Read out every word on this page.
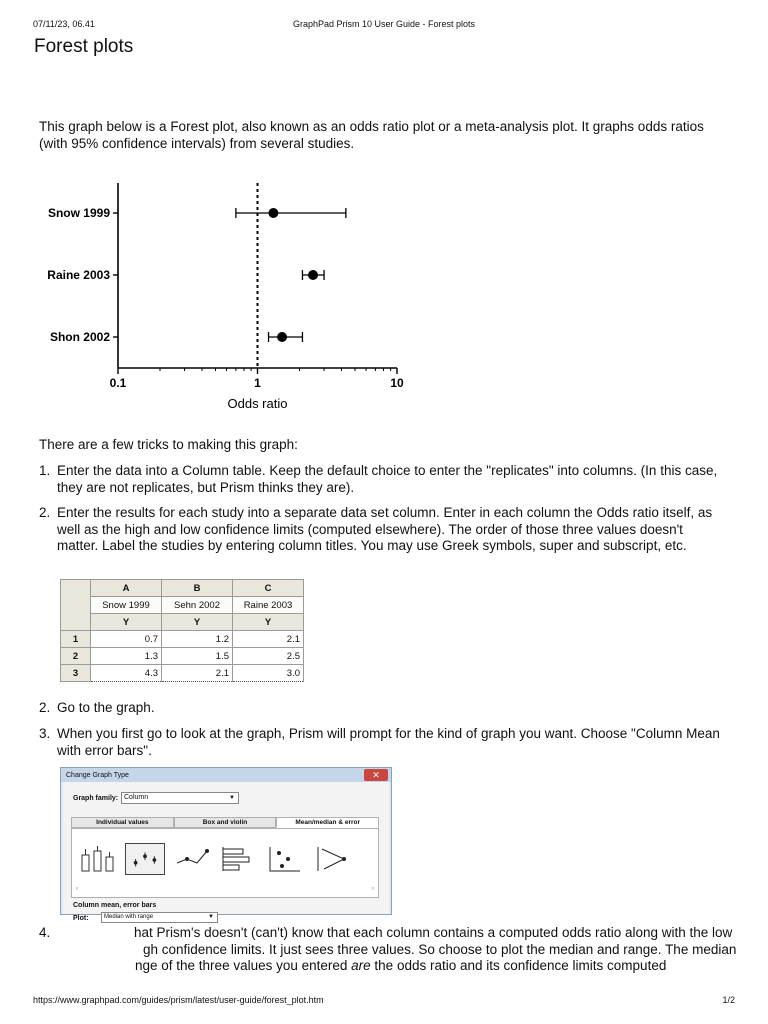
07/11/23, 06.41	GraphPad Prism 10 User Guide - Forest plots
Forest plots

This graph below is a Forest plot, also known as an odds ratio plot or a meta-analysis plot. It graphs odds ratios (with 95% confidence intervals) from several studies.

0.1	1	10
Odds ratio
Snow 1999
Raine 2003
Shon 2002

There are a few tricks to making this graph:

1. Enter the data into a Column table. Keep the default choice to enter the "replicates" into columns. (In this case, they are not replicates, but Prism thinks they are).
2. Enter the results for each study into a separate data set column. Enter in each column the Odds ratio itself, as well as the high and low confidence limits (computed elsewhere). The order of those three values doesn't matter. Label the studies by entering column titles. You may use Greek symbols, super and subscript, etc.
	A	B	C
	Snow 1999	Sehn 2002	Raine 2003
	Y	Y	Y
1	0.7	1.2	2.1
2	1.3	1.5	2.5
3	4.3	2.1	3.0
2. Go to the graph.
3. When you first go to look at the graph, Prism will prompt for the kind of graph you want. Choose "Column Mean with error bars".
Change Graph Type	✕
Graph family: Column	▼
Individual values	Box and violin	Mean/median & error
‹	›
Column mean, error bars
Plot:	Median with range	▼
4.	hat Prism's doesn't (can't) know that each column contains a computed odds ratio along with the low
gh confidence limits. It just sees three values. So choose to plot the median and range. The median
nge of the three values you entered are the odds ratio and its confidence limits computed
https://www.graphpad.com/guides/prism/latest/user-guide/forest_plot.htm	1/2
